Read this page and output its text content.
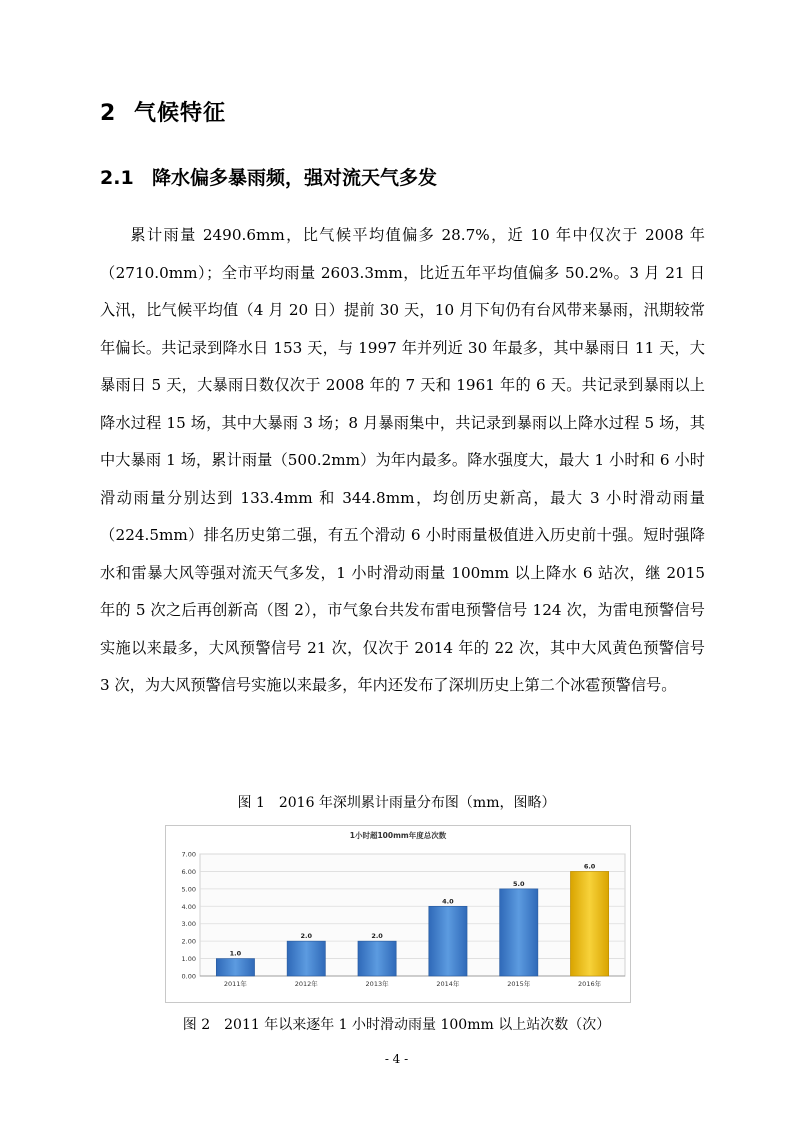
2 气候特征
2.1 降水偏多暴雨频，强对流天气多发

累计雨量 2490.6mm，比气候平均值偏多 28.7%，近 10 年中仅次于 2008 年（2710.0mm）；全市平均雨量 2603.3mm，比近五年平均值偏多 50.2%。3 月 21 日入汛，比气候平均值（4 月 20 日）提前 30 天，10 月下旬仍有台风带来暴雨，汛期较常年偏长。共记录到降水日 153 天，与 1997 年并列近 30 年最多，其中暴雨日 11 天，大暴雨日 5 天，大暴雨日数仅次于 2008 年的 7 天和 1961 年的 6 天。共记录到暴雨以上降水过程 15 场，其中大暴雨 3 场；8 月暴雨集中，共记录到暴雨以上降水过程 5 场，其中大暴雨 1 场，累计雨量（500.2mm）为年内最多。降水强度大，最大 1 小时和 6 小时滑动雨量分别达到 133.4mm 和 344.8mm，均创历史新高，最大 3 小时滑动雨量（224.5mm）排名历史第二强，有五个滑动 6 小时雨量极值进入历史前十强。短时强降水和雷暴大风等强对流天气多发，1 小时滑动雨量 100mm 以上降水 6 站次，继 2015 年的 5 次之后再创新高（图 2），市气象台共发布雷电预警信号 124 次，为雷电预警信号实施以来最多，大风预警信号 21 次，仅次于 2014 年的 22 次，其中大风黄色预警信号 3 次，为大风预警信号实施以来最多，年内还发布了深圳历史上第二个冰雹预警信号。

图 1　2016 年深圳累计雨量分布图（mm，图略）
1小时超100mm年度总次数
0.00
1.00
2.00
3.00
4.00
5.00
6.00
7.00
1.0
2011年
2.0
2012年
2.0
2013年
4.0
2014年
5.0
2015年
6.0
2016年
图 2　2011 年以来逐年 1 小时滑动雨量 100mm 以上站次数（次）
- 4 -
